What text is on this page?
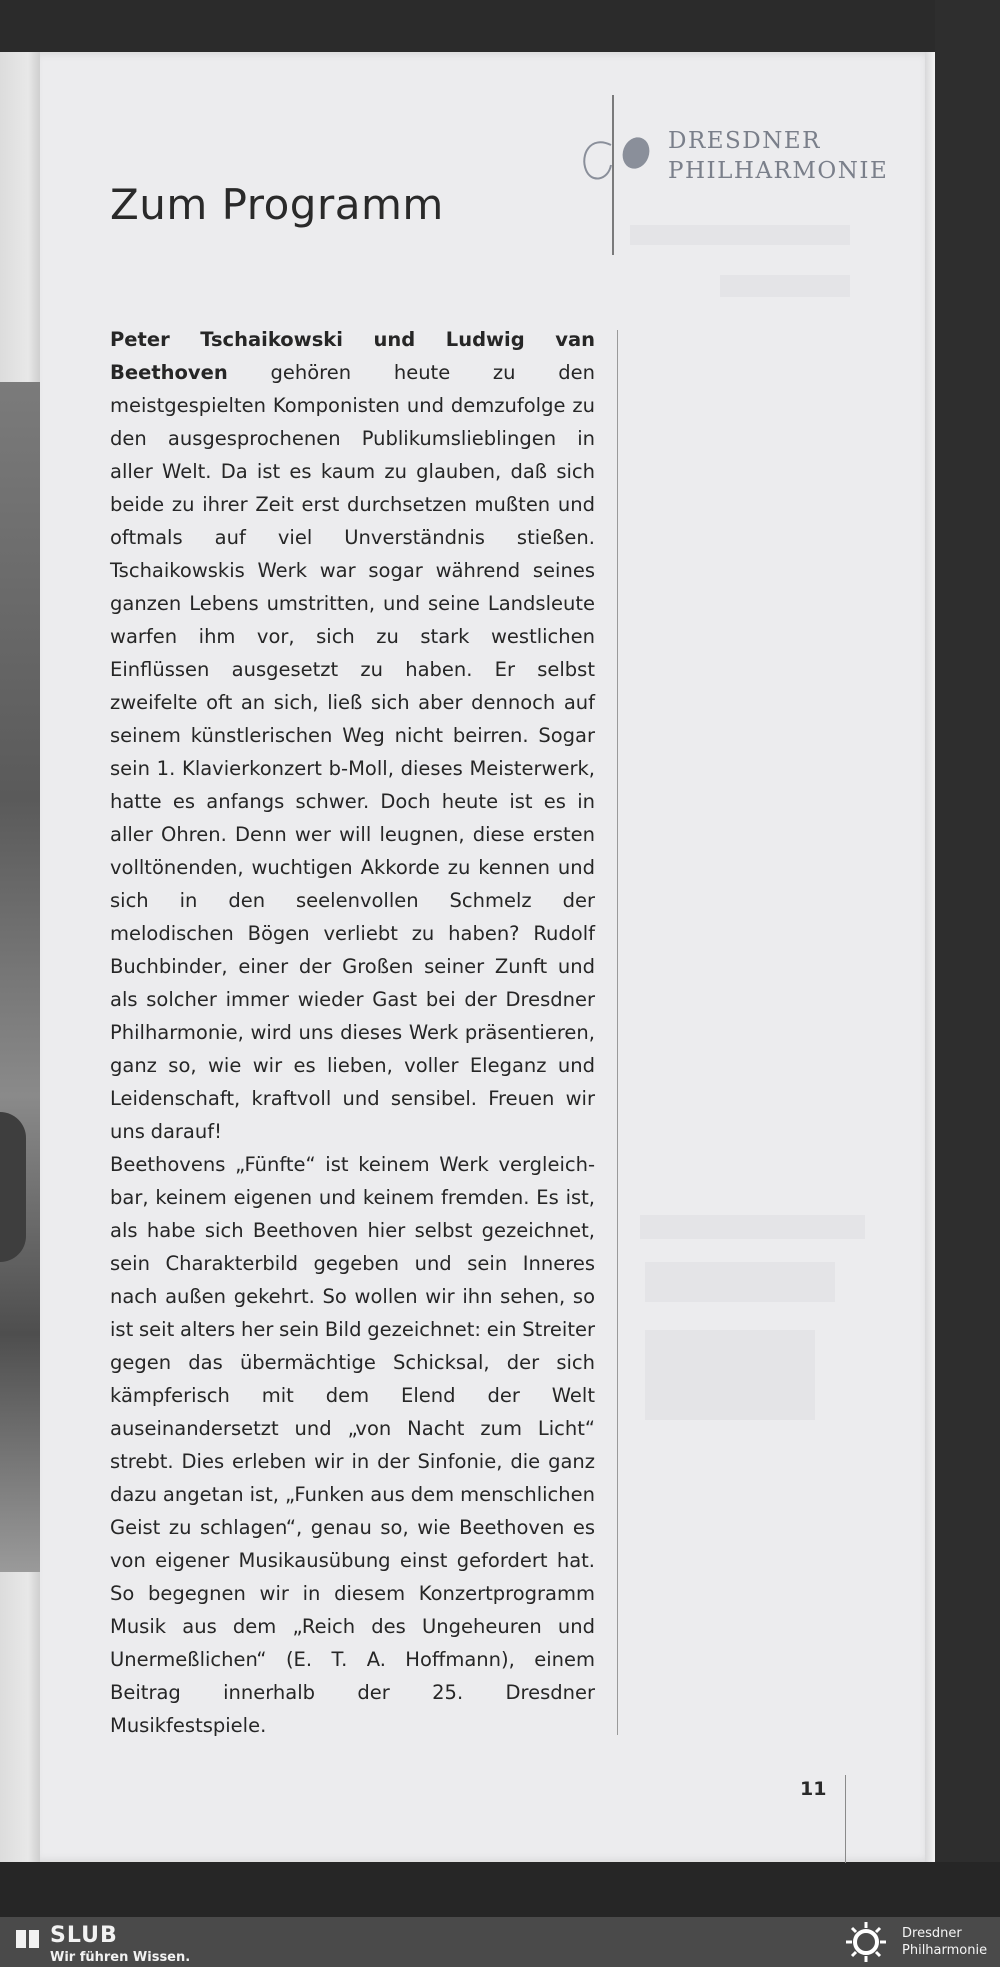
Zum Programm
DRESDNER
PHILHARMONIE

Peter Tschaikowski und Ludwig van Beethoven gehören heute zu den meistgespielten Komponisten und demzufolge zu den ausgesprochenen Publikumslieblingen in aller Welt. Da ist es kaum zu glauben, daß sich beide zu ihrer Zeit erst durchsetzen mußten und oftmals auf viel Unverständnis stießen. Tschaikowskis Werk war sogar während seines ganzen Lebens umstritten, und seine Landsleute warfen ihm vor, sich zu stark westlichen Einflüssen ausgesetzt zu haben. Er selbst zweifelte oft an sich, ließ sich aber dennoch auf seinem künstlerischen Weg nicht beirren. Sogar sein 1. Klavierkonzert b-Moll, dieses Meisterwerk, hatte es anfangs schwer. Doch heute ist es in aller Ohren. Denn wer will leugnen, diese ersten volltönenden, wuchtigen Akkorde zu kennen und sich in den seelenvollen Schmelz der melodischen Bögen verliebt zu haben? Rudolf Buchbinder, einer der Großen seiner Zunft und als solcher immer wieder Gast bei der Dresdner Philharmonie, wird uns dieses Werk präsentieren, ganz so, wie wir es lieben, voller Eleganz und Leidenschaft, kraftvoll und sensibel. Freuen wir uns darauf!

Beethovens „Fünfte“ ist keinem Werk vergleichbar, keinem eigenen und keinem fremden. Es ist, als habe sich Beethoven hier selbst gezeichnet, sein Charakterbild gegeben und sein Inneres nach außen gekehrt. So wollen wir ihn sehen, so ist seit alters her sein Bild gezeichnet: ein Streiter gegen das übermächtige Schicksal, der sich kämpferisch mit dem Elend der Welt auseinandersetzt und „von Nacht zum Licht“ strebt. Dies erleben wir in der Sinfonie, die ganz dazu angetan ist, „Funken aus dem menschlichen Geist zu schlagen“, genau so, wie Beethoven es von eigener Musikausübung einst gefordert hat. So begegnen wir in diesem Konzertprogramm Musik aus dem „Reich des Ungeheuren und Unermeßlichen“ (E. T. A. Hoffmann), einem Beitrag innerhalb der 25. Dresdner Musikfestspiele.

11
SLUB
Wir führen Wissen.
Dresdner
Philharmonie
